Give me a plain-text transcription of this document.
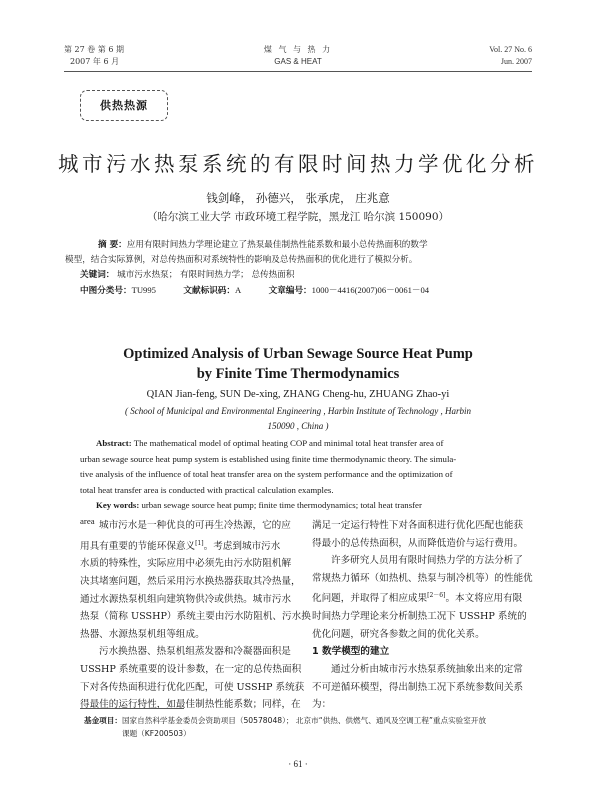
第 27 卷 第 6 期
2007 年 6 月
煤 气 与 热 力
GAS & HEAT
Vol. 27 No. 6
Jun. 2007
供热热源
城市污水热泵系统的有限时间热力学优化分析
钱剑峰， 孙德兴， 张承虎， 庄兆意
（哈尔滨工业大学 市政环境工程学院，黑龙江 哈尔滨 150090）
摘 要：应用有限时间热力学理论建立了热泵最佳制热性能系数和最小总传热面积的数学
模型，结合实际算例，对总传热面积对系统特性的影响及总传热面积的优化进行了模拟分析。
关键词： 城市污水热泵； 有限时间热力学； 总传热面积
中图分类号：TU995	文献标识码：A	文章编号：1000－4416(2007)06－0061－04
Optimized Analysis of Urban Sewage Source Heat Pump
by Finite Time Thermodynamics
QIAN Jian-feng, SUN De-xing, ZHANG Cheng-hu, ZHUANG Zhao-yi
( School of Municipal and Environmental Engineering , Harbin Institute of Technology , Harbin
150090 , China )
Abstract: The mathematical model of optimal heating COP and minimal total heat transfer area of
urban sewage source heat pump system is established using finite time thermodynamic theory. The simula-
tive analysis of the influence of total heat transfer area on the system performance and the optimization of
total heat transfer area is conducted with practical calculation examples.
Key words: urban sewage source heat pump; finite time thermodynamics; total heat transfer
area 城市污水是一种优良的可再生冷热源，它的应
用具有重要的节能环保意义[1]。考虑到城市污水
水质的特殊性，实际应用中必须先由污水防阻机解
决其堵塞问题，然后采用污水换热器获取其冷热量，
通过水源热泵机组向建筑物供冷或供热。城市污水
热泵（简称 USSHP）系统主要由污水防阻机、污水换
热器、水源热泵机组等组成。
污水换热器、热泵机组蒸发器和冷凝器面积是
USSHP 系统重要的设计参数，在一定的总传热面积
下对各传热面积进行优化匹配，可使 USSHP 系统获
得最佳的运行特性，如最佳制热性能系数；同样，在
满足一定运行特性下对各面积进行优化匹配也能获
得最小的总传热面积，从而降低造价与运行费用。
许多研究人员用有限时间热力学的方法分析了
常规热力循环（如热机、热泵与制冷机等）的性能优
化问题，并取得了相应成果[2－6]。本文将应用有限
时间热力学理论来分析制热工况下 USSHP 系统的
优化问题，研究各参数之间的优化关系。
1 数学模型的建立
通过分析由城市污水热泵系统抽象出来的定常
不可逆循环模型，得出制热工况下系统参数间关系
为：
基金项目：国家自然科学基金委员会资助项目（50578048）； 北京市“供热、供燃气、通风及空调工程”重点实验室开放
课题（KF200503）
· 61 ·
